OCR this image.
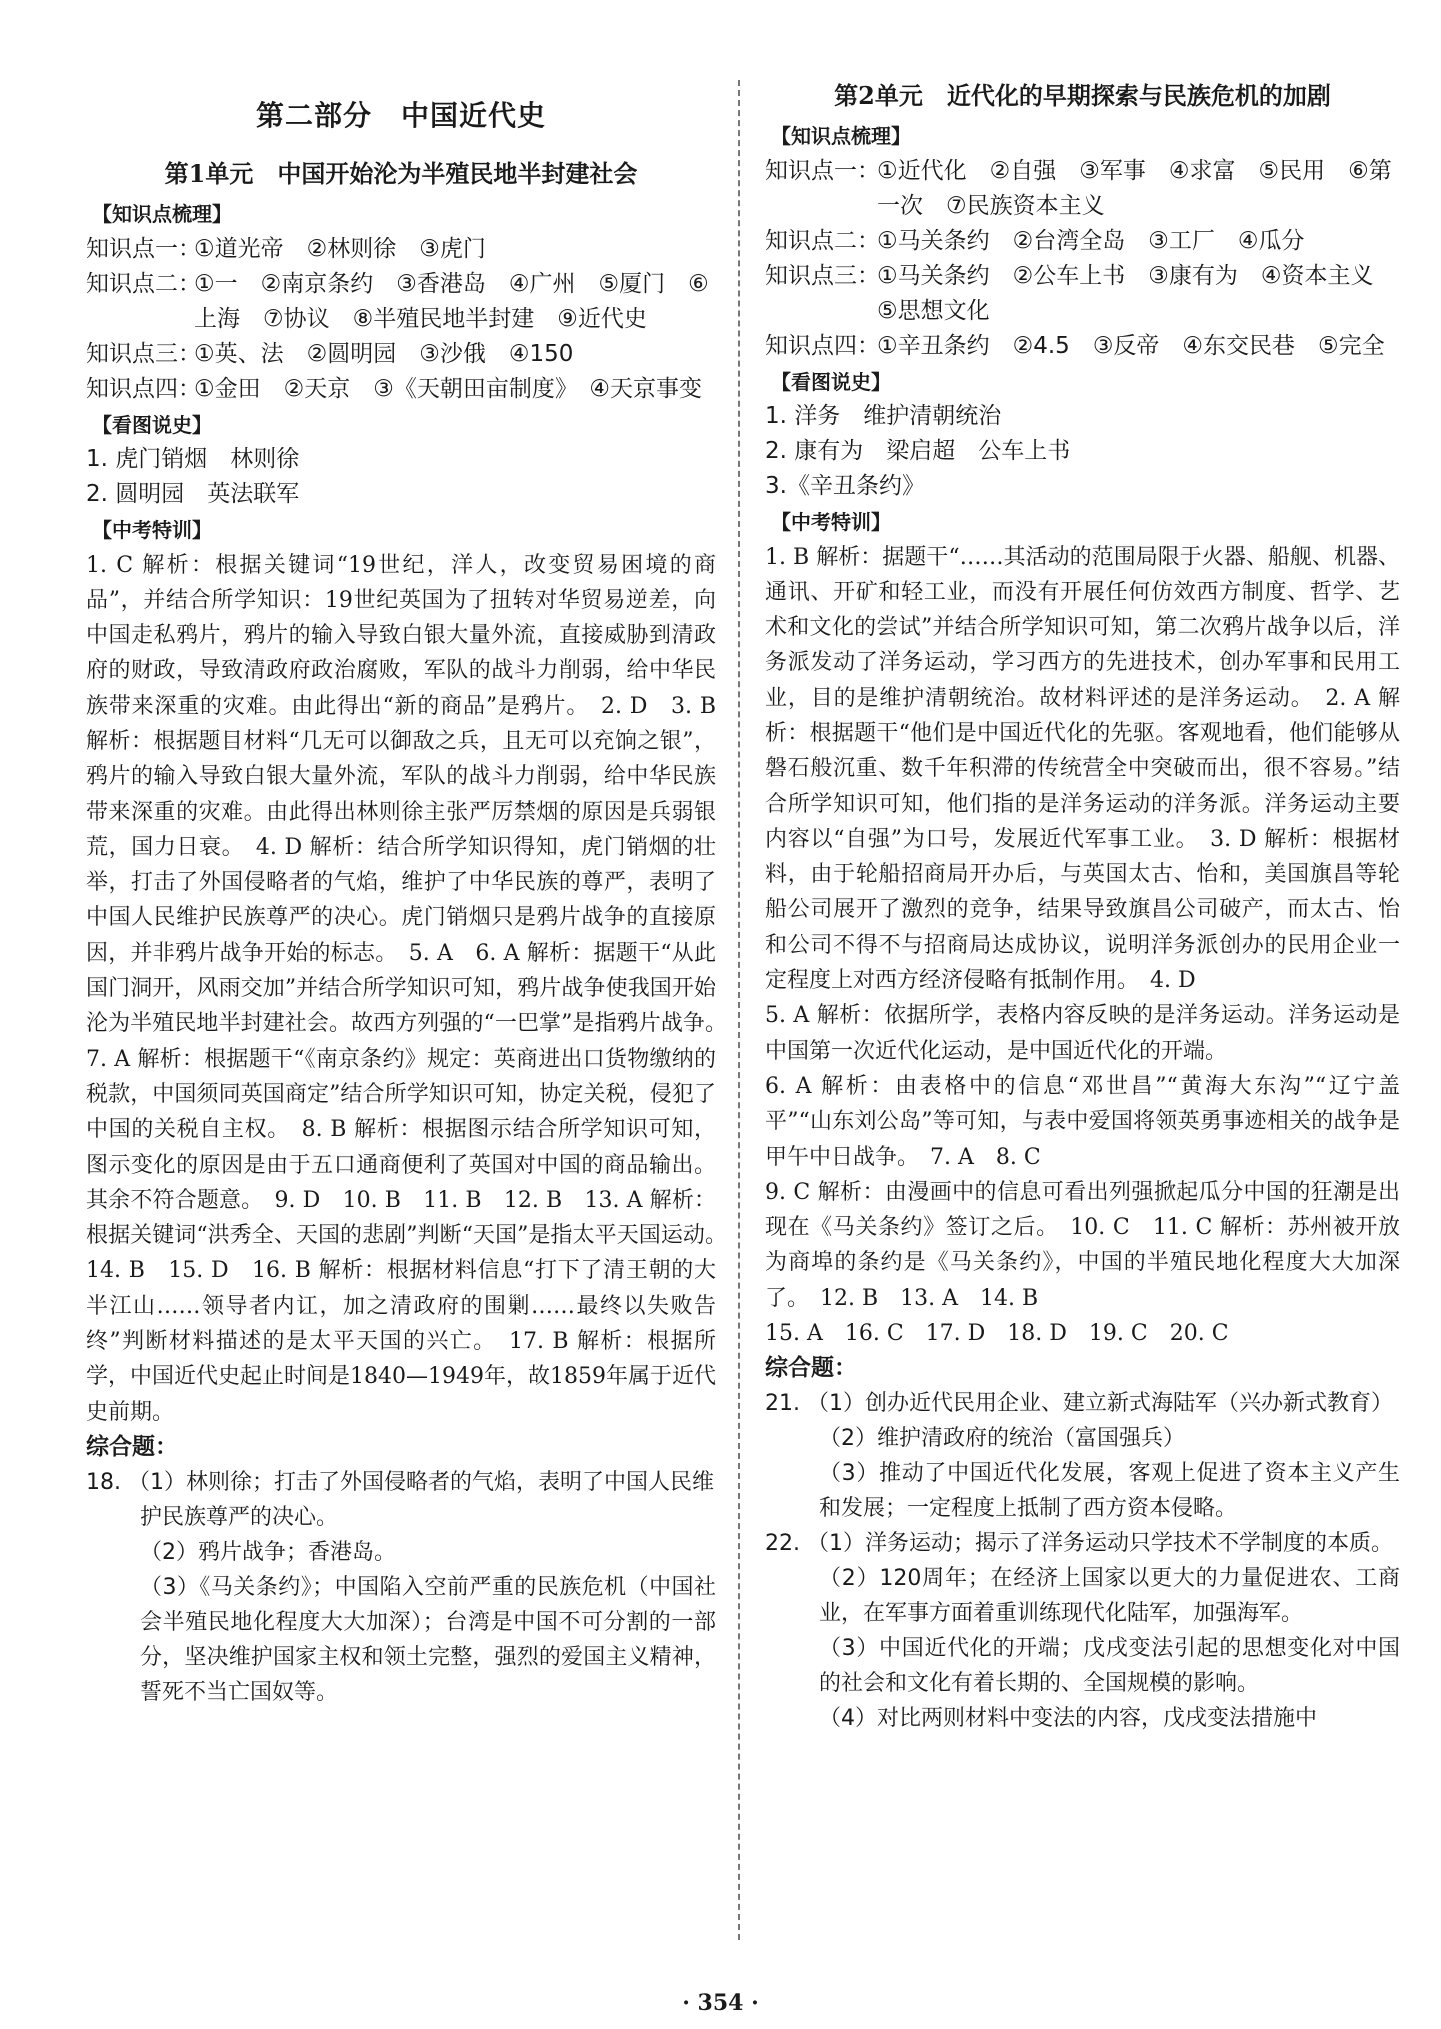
第二部分　中国近代史
第1单元　中国开始沦为半殖民地半封建社会
【知识点梳理】
知识点一：
①道光帝　②林则徐　③虎门
知识点二：
①一　②南京条约　③香港岛　④广州　⑤厦门　⑥上海　⑦协议　⑧半殖民地半封建　⑨近代史
知识点三：
①英、法　②圆明园　③沙俄　④150
知识点四：
①金田　②天京　③《天朝田亩制度》　④天京事变
【看图说史】
1. 虎门销烟　林则徐
2. 圆明园　英法联军
【中考特训】
1. C 解析：根据关键词“19世纪，洋人，改变贸易困境的商品”，并结合所学知识：19世纪英国为了扭转对华贸易逆差，向中国走私鸦片，鸦片的输入导致白银大量外流，直接威胁到清政府的财政，导致清政府政治腐败，军队的战斗力削弱，给中华民族带来深重的灾难。由此得出“新的商品”是鸦片。　2. D　3. B 解析：根据题目材料“几无可以御敌之兵，且无可以充饷之银”，鸦片的输入导致白银大量外流，军队的战斗力削弱，给中华民族带来深重的灾难。由此得出林则徐主张严厉禁烟的原因是兵弱银荒，国力日衰。　4. D 解析：结合所学知识得知，虎门销烟的壮举，打击了外国侵略者的气焰，维护了中华民族的尊严，表明了中国人民维护民族尊严的决心。虎门销烟只是鸦片战争的直接原因，并非鸦片战争开始的标志。　5. A　6. A 解析：据题干“从此国门洞开，风雨交加”并结合所学知识可知，鸦片战争使我国开始沦为半殖民地半封建社会。故西方列强的“一巴掌”是指鸦片战争。　7. A 解析：根据题干“《南京条约》规定：英商进出口货物缴纳的税款，中国须同英国商定”结合所学知识可知，协定关税，侵犯了中国的关税自主权。　8. B 解析：根据图示结合所学知识可知，图示变化的原因是由于五口通商便利了英国对中国的商品输出。其余不符合题意。　9. D　10. B　11. B　12. B　13. A 解析：根据关键词“洪秀全、天国的悲剧”判断“天国”是指太平天国运动。　14. B　15. D　16. B 解析：根据材料信息“打下了清王朝的大半江山……领导者内讧，加之清政府的围剿……最终以失败告终”判断材料描述的是太平天国的兴亡。　17. B 解析：根据所学，中国近代史起止时间是1840—1949年，故1859年属于近代史前期。
综合题：
18. （1）林则徐；打击了外国侵略者的气焰，表明了中国人民维护民族尊严的决心。
（2）鸦片战争；香港岛。
（3）《马关条约》；中国陷入空前严重的民族危机（中国社会半殖民地化程度大大加深）；台湾是中国不可分割的一部分，坚决维护国家主权和领土完整，强烈的爱国主义精神，誓死不当亡国奴等。
第2单元　近代化的早期探索与民族危机的加剧
【知识点梳理】
知识点一：
①近代化　②自强　③军事　④求富　⑤民用　⑥第一次　⑦民族资本主义
知识点二：
①马关条约　②台湾全岛　③工厂　④瓜分
知识点三：
①马关条约　②公车上书　③康有为　④资本主义　⑤思想文化
知识点四：
①辛丑条约　②4.5　③反帝　④东交民巷　⑤完全
【看图说史】
1. 洋务　维护清朝统治
2. 康有为　梁启超　公车上书
3.《辛丑条约》
【中考特训】
1. B 解析：据题干“……其活动的范围局限于火器、船舰、机器、通讯、开矿和轻工业，而没有开展任何仿效西方制度、哲学、艺术和文化的尝试”并结合所学知识可知，第二次鸦片战争以后，洋务派发动了洋务运动，学习西方的先进技术，创办军事和民用工业，目的是维护清朝统治。故材料评述的是洋务运动。　2. A 解析：根据题干“他们是中国近代化的先驱。客观地看，他们能够从磐石般沉重、数千年积滞的传统营全中突破而出，很不容易。”结合所学知识可知，他们指的是洋务运动的洋务派。洋务运动主要内容以“自强”为口号，发展近代军事工业。　3. D 解析：根据材料，由于轮船招商局开办后，与英国太古、怡和，美国旗昌等轮船公司展开了激烈的竞争，结果导致旗昌公司破产，而太古、怡和公司不得不与招商局达成协议，说明洋务派创办的民用企业一定程度上对西方经济侵略有抵制作用。　4. D
5. A 解析：依据所学，表格内容反映的是洋务运动。洋务运动是中国第一次近代化运动，是中国近代化的开端。
6. A 解析：由表格中的信息“邓世昌”“黄海大东沟”“辽宁盖平”“山东刘公岛”等可知，与表中爱国将领英勇事迹相关的战争是甲午中日战争。　7. A　8. C
9. C 解析：由漫画中的信息可看出列强掀起瓜分中国的狂潮是出现在《马关条约》签订之后。　10. C　11. C 解析：苏州被开放为商埠的条约是《马关条约》，中国的半殖民地化程度大大加深了。　12. B　13. A　14. B
15. A　16. C　17. D　18. D　19. C　20. C
综合题：
21. （1）创办近代民用企业、建立新式海陆军（兴办新式教育）
（2）维护清政府的统治（富国强兵）
（3）推动了中国近代化发展，客观上促进了资本主义产生和发展；一定程度上抵制了西方资本侵略。
22. （1）洋务运动；揭示了洋务运动只学技术不学制度的本质。
（2）120周年；在经济上国家以更大的力量促进农、工商业，在军事方面着重训练现代化陆军，加强海军。
（3）中国近代化的开端；戊戌变法引起的思想变化对中国的社会和文化有着长期的、全国规模的影响。
（4）对比两则材料中变法的内容，戊戌变法措施中
· 354 ·
